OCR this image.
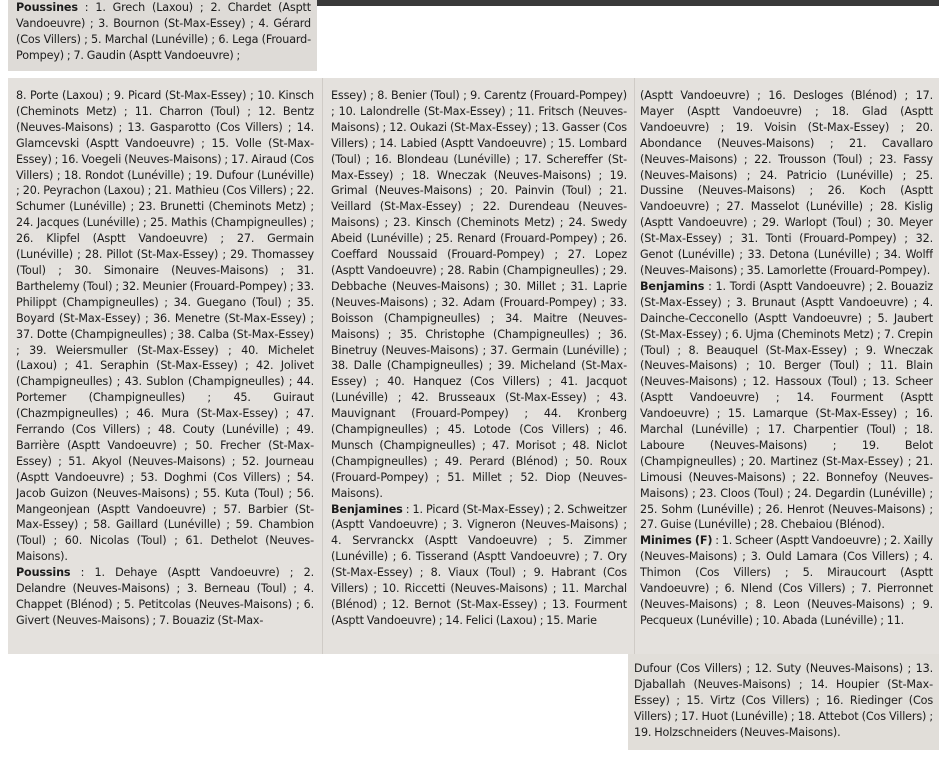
Poussines : 1. Grech (Laxou) ; 2. Chardet (Asptt Vandoeuvre) ; 3. Bournon (St-Max-Essey) ; 4. Gérard (Cos Villers) ; 5. Marchal (Lunéville) ; 6. Lega (Frouard-Pompey) ; 7. Gaudin (Asptt Vandoeuvre) ;
8. Porte (Laxou) ; 9. Picard (St-Max-Essey) ; 10. Kinsch (Cheminots Metz) ; 11. Charron (Toul) ; 12. Bentz (Neuves-Maisons) ; 13. Gasparotto (Cos Villers) ; 14. Glamcevski (Asptt Vandoeuvre) ; 15. Volle (St-Max-Essey) ; 16. Voegeli (Neuves-Maisons) ; 17. Airaud (Cos Villers) ; 18. Rondot (Lunéville) ; 19. Dufour (Lunéville) ; 20. Peyrachon (Laxou) ; 21. Mathieu (Cos Villers) ; 22. Schumer (Lunéville) ; 23. Brunetti (Cheminots Metz) ; 24. Jacques (Lunéville) ; 25. Mathis (Champigneulles) ; 26. Klipfel (Asptt Vandoeuvre) ; 27. Germain (Lunéville) ; 28. Pillot (St-Max-Essey) ; 29. Thomassey (Toul) ; 30. Simonaire (Neuves-Maisons) ; 31. Barthelemy (Toul) ; 32. Meunier (Frouard-Pompey) ; 33. Philippt (Champigneulles) ; 34. Guegano (Toul) ; 35. Boyard (St-Max-Essey) ; 36. Menetre (St-Max-Essey) ; 37. Dotte (Champigneulles) ; 38. Calba (St-Max-Essey) ; 39. Weiersmuller (St-Max-Essey) ; 40. Michelet (Laxou) ; 41. Seraphin (St-Max-Essey) ; 42. Jolivet (Champigneulles) ; 43. Sublon (Champigneulles) ; 44. Portemer (Champigneulles) ; 45. Guiraut (Chazmpigneulles) ; 46. Mura (St-Max-Essey) ; 47. Ferrando (Cos Villers) ; 48. Couty (Lunéville) ; 49. Barrière (Asptt Vandoeuvre) ; 50. Frecher (St-Max-Essey) ; 51. Akyol (Neuves-Maisons) ; 52. Journeau (Asptt Vandoeuvre) ; 53. Doghmi (Cos Villers) ; 54. Jacob Guizon (Neuves-Maisons) ; 55. Kuta (Toul) ; 56. Mangeonjean (Asptt Vandoeuvre) ; 57. Barbier (St-Max-Essey) ; 58. Gaillard (Lunéville) ; 59. Chambion (Toul) ; 60. Nicolas (Toul) ; 61. Dethelot (Neuves-Maisons).
Poussins : 1. Dehaye (Asptt Vandoeuvre) ; 2. Delandre (Neuves-Maisons) ; 3. Berneau (Toul) ; 4. Chappet (Blénod) ; 5. Petitcolas (Neuves-Maisons) ; 6. Givert (Neuves-Maisons) ; 7. Bouaziz (St-Max-
Essey) ; 8. Benier (Toul) ; 9. Carentz (Frouard-Pompey) ; 10. Lalondrelle (St-Max-Essey) ; 11. Fritsch (Neuves-Maisons) ; 12. Oukazi (St-Max-Essey) ; 13. Gasser (Cos Villers) ; 14. Labied (Asptt Vandoeuvre) ; 15. Lombard (Toul) ; 16. Blondeau (Lunéville) ; 17. Schereffer (St-Max-Essey) ; 18. Wneczak (Neuves-Maisons) ; 19. Grimal (Neuves-Maisons) ; 20. Painvin (Toul) ; 21. Veillard (St-Max-Essey) ; 22. Durendeau (Neuves-Maisons) ; 23. Kinsch (Cheminots Metz) ; 24. Swedy Abeid (Lunéville) ; 25. Renard (Frouard-Pompey) ; 26. Coeffard Noussaid (Frouard-Pompey) ; 27. Lopez (Asptt Vandoeuvre) ; 28. Rabin (Champigneulles) ; 29. Debbache (Neuves-Maisons) ; 30. Millet ; 31. Laprie (Neuves-Maisons) ; 32. Adam (Frouard-Pompey) ; 33. Boisson (Champigneulles) ; 34. Maitre (Neuves-Maisons) ; 35. Christophe (Champigneulles) ; 36. Binetruy (Neuves-Maisons) ; 37. Germain (Lunéville) ; 38. Dalle (Champigneulles) ; 39. Micheland (St-Max-Essey) ; 40. Hanquez (Cos Villers) ; 41. Jacquot (Lunéville) ; 42. Brusseaux (St-Max-Essey) ; 43. Mauvignant (Frouard-Pompey) ; 44. Kronberg (Champigneulles) ; 45. Lotode (Cos Villers) ; 46. Munsch (Champigneulles) ; 47. Morisot ; 48. Niclot (Champigneulles) ; 49. Perard (Blénod) ; 50. Roux (Frouard-Pompey) ; 51. Millet ; 52. Diop (Neuves-Maisons).
Benjamines : 1. Picard (St-Max-Essey) ; 2. Schweitzer (Asptt Vandoeuvre) ; 3. Vigneron (Neuves-Maisons) ; 4. Servranckx (Asptt Vandoeuvre) ; 5. Zimmer (Lunéville) ; 6. Tisserand (Asptt Vandoeuvre) ; 7. Ory (St-Max-Essey) ; 8. Viaux (Toul) ; 9. Habrant (Cos Villers) ; 10. Riccetti (Neuves-Maisons) ; 11. Marchal (Blénod) ; 12. Bernot (St-Max-Essey) ; 13. Fourment (Asptt Vandoeuvre) ; 14. Felici (Laxou) ; 15. Marie
(Asptt Vandoeuvre) ; 16. Desloges (Blénod) ; 17. Mayer (Asptt Vandoeuvre) ; 18. Glad (Asptt Vandoeuvre) ; 19. Voisin (St-Max-Essey) ; 20. Abondance (Neuves-Maisons) ; 21. Cavallaro (Neuves-Maisons) ; 22. Trousson (Toul) ; 23. Fassy (Neuves-Maisons) ; 24. Patricio (Lunéville) ; 25. Dussine (Neuves-Maisons) ; 26. Koch (Asptt Vandoeuvre) ; 27. Masselot (Lunéville) ; 28. Kislig (Asptt Vandoeuvre) ; 29. Warlopt (Toul) ; 30. Meyer (St-Max-Essey) ; 31. Tonti (Frouard-Pompey) ; 32. Genot (Lunéville) ; 33. Detona (Lunéville) ; 34. Wolff (Neuves-Maisons) ; 35. Lamorlette (Frouard-Pompey).
Benjamins : 1. Tordi (Asptt Vandoeuvre) ; 2. Bouaziz (St-Max-Essey) ; 3. Brunaut (Asptt Vandoeuvre) ; 4. Dainche-Cecconello (Asptt Vandoeuvre) ; 5. Jaubert (St-Max-Essey) ; 6. Ujma (Cheminots Metz) ; 7. Crepin (Toul) ; 8. Beauquel (St-Max-Essey) ; 9. Wneczak (Neuves-Maisons) ; 10. Berger (Toul) ; 11. Blain (Neuves-Maisons) ; 12. Hassoux (Toul) ; 13. Scheer (Asptt Vandoeuvre) ; 14. Fourment (Asptt Vandoeuvre) ; 15. Lamarque (St-Max-Essey) ; 16. Marchal (Lunéville) ; 17. Charpentier (Toul) ; 18. Laboure (Neuves-Maisons) ; 19. Belot (Champigneulles) ; 20. Martinez (St-Max-Essey) ; 21. Limousi (Neuves-Maisons) ; 22. Bonnefoy (Neuves-Maisons) ; 23. Cloos (Toul) ; 24. Degardin (Lunéville) ; 25. Sohm (Lunéville) ; 26. Henrot (Neuves-Maisons) ; 27. Guise (Lunéville) ; 28. Chebaiou (Blénod).
Minimes (F) : 1. Scheer (Asptt Vandoeuvre) ; 2. Xailly (Neuves-Maisons) ; 3. Ould Lamara (Cos Villers) ; 4. Thimon (Cos Villers) ; 5. Miraucourt (Asptt Vandoeuvre) ; 6. Nlend (Cos Villers) ; 7. Pierronnet (Neuves-Maisons) ; 8. Leon (Neuves-Maisons) ; 9. Pecqueux (Lunéville) ; 10. Abada (Lunéville) ; 11.
Dufour (Cos Villers) ; 12. Suty (Neuves-Maisons) ; 13. Djaballah (Neuves-Maisons) ; 14. Houpier (St-Max-Essey) ; 15. Virtz (Cos Villers) ; 16. Riedinger (Cos Villers) ; 17. Huot (Lunéville) ; 18. Attebot (Cos Villers) ; 19. Holzschneiders (Neuves-Maisons).
